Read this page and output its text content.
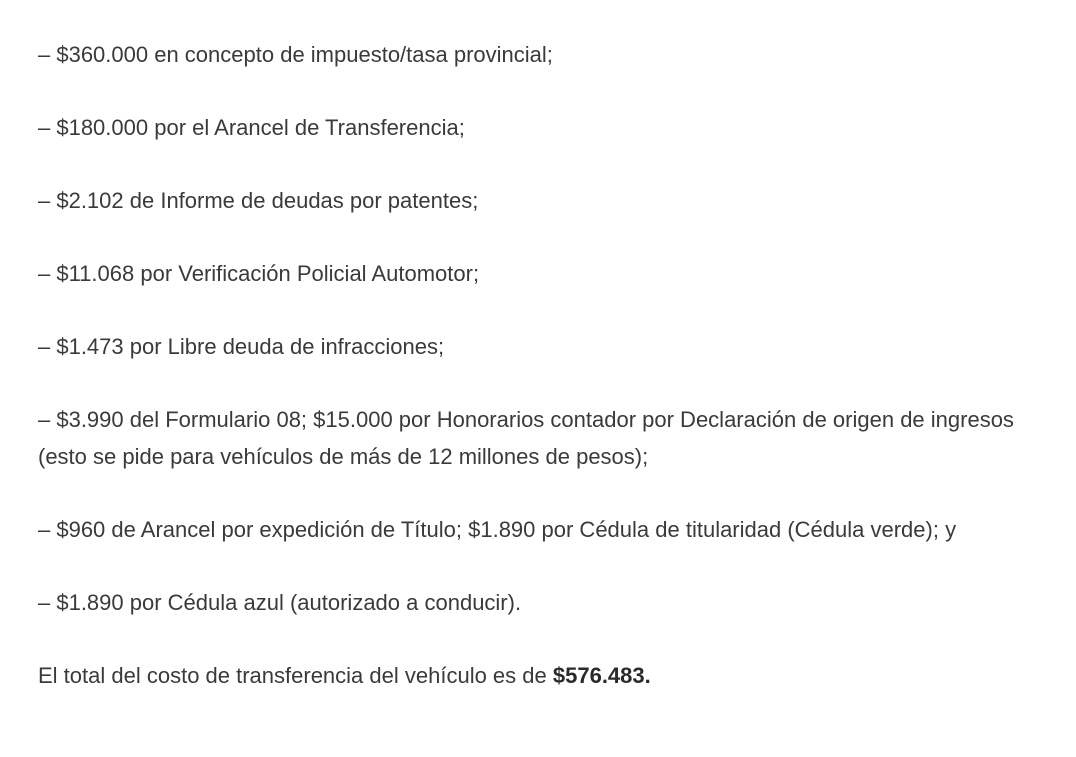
– $360.000 en concepto de impuesto/tasa provincial;

– $180.000 por el Arancel de Transferencia;

– $2.102 de Informe de deudas por patentes;

– $11.068 por Verificación Policial Automotor;

– $1.473 por Libre deuda de infracciones;

– $3.990 del Formulario 08; $15.000 por Honorarios contador por Declaración de origen de ingresos (esto se pide para vehículos de más de 12 millones de pesos);

– $960 de Arancel por expedición de Título; $1.890 por Cédula de titularidad (Cédula verde); y

– $1.890 por Cédula azul (autorizado a conducir).

El total del costo de transferencia del vehículo es de $576.483.
